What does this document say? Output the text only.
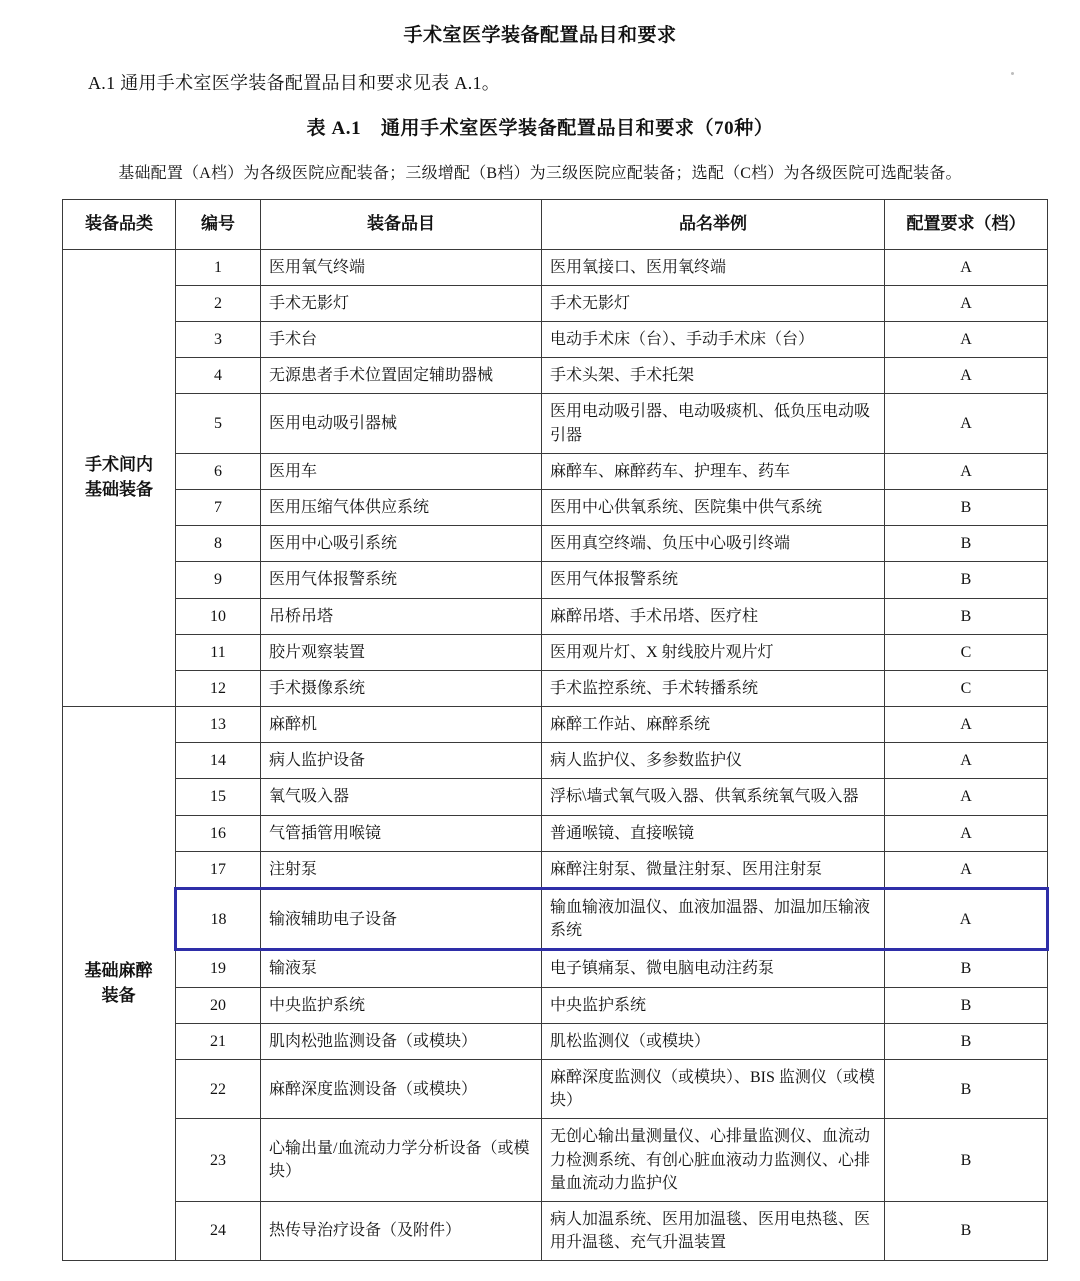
手术室医学装备配置品目和要求
A.1 通用手术室医学装备配置品目和要求见表 A.1。
表 A.1　通用手术室医学装备配置品目和要求（70种）
基础配置（A档）为各级医院应配装备；三级增配（B档）为三级医院应配装备；选配（C档）为各级医院可选配装备。
装备品类	编号	装备品目	品名举例	配置要求（档）
手术间内
基础装备	1	医用氧气终端	医用氧接口、医用氧终端	A
	2	手术无影灯	手术无影灯	A
	3	手术台	电动手术床（台）、手动手术床（台）	A
	4	无源患者手术位置固定辅助器械	手术头架、手术托架	A
	5	医用电动吸引器械	医用电动吸引器、电动吸痰机、低负压电动吸引器	A
	6	医用车	麻醉车、麻醉药车、护理车、药车	A
	7	医用压缩气体供应系统	医用中心供氧系统、医院集中供气系统	B
	8	医用中心吸引系统	医用真空终端、负压中心吸引终端	B
	9	医用气体报警系统	医用气体报警系统	B
	10	吊桥吊塔	麻醉吊塔、手术吊塔、医疗柱	B
	11	胶片观察装置	医用观片灯、X 射线胶片观片灯	C
	12	手术摄像系统	手术监控系统、手术转播系统	C
基础麻醉
装备	13	麻醉机	麻醉工作站、麻醉系统	A
	14	病人监护设备	病人监护仪、多参数监护仪	A
	15	氧气吸入器	浮标\墙式氧气吸入器、供氧系统氧气吸入器	A
	16	气管插管用喉镜	普通喉镜、直接喉镜	A
	17	注射泵	麻醉注射泵、微量注射泵、医用注射泵	A
	18	输液辅助电子设备	输血输液加温仪、血液加温器、加温加压输液系统	A
	19	输液泵	电子镇痛泵、微电脑电动注药泵	B
	20	中央监护系统	中央监护系统	B
	21	肌肉松弛监测设备（或模块）	肌松监测仪（或模块）	B
	22	麻醉深度监测设备（或模块）	麻醉深度监测仪（或模块）、BIS 监测仪（或模块）	B
	23	心输出量/血流动力学分析设备（或模块）	无创心输出量测量仪、心排量监测仪、血流动力检测系统、有创心脏血液动力监测仪、心排量血流动力监护仪	B
	24	热传导治疗设备（及附件）	病人加温系统、医用加温毯、医用电热毯、医用升温毯、充气升温装置	B
